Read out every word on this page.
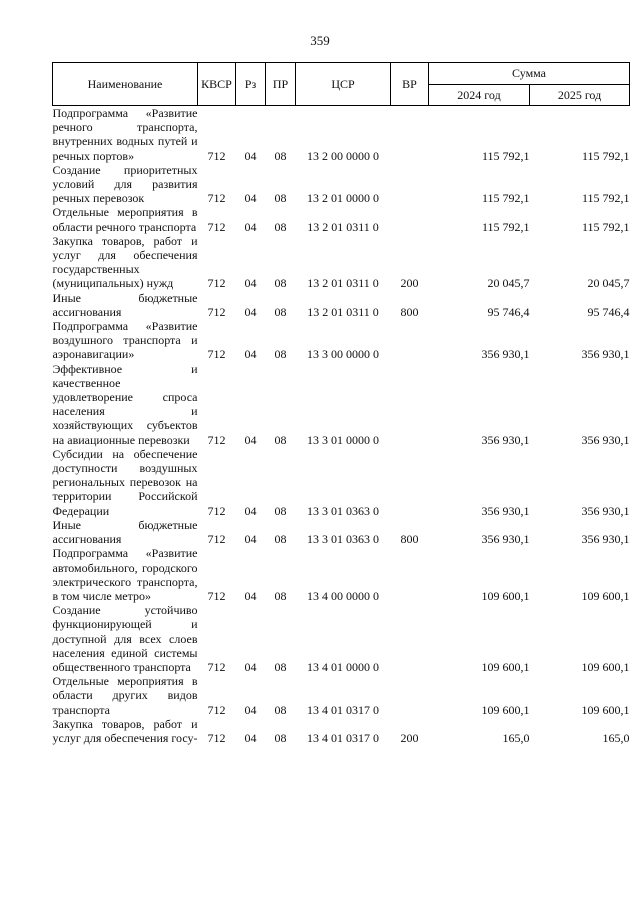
359
Наименование	КВСР	Рз	ПР	ЦСР	ВР	Сумма	
						2024 год	2025 год
Подпрограмма «Развитие речного транспорта, внутренних водных путей и речных портов»	712	04	08	13 2 00 0000 0		115 792,1	115 792,1
Создание приоритетных условий для развития речных перевозок	712	04	08	13 2 01 0000 0		115 792,1	115 792,1
Отдельные мероприятия в области речного транспорта	712	04	08	13 2 01 0311 0		115 792,1	115 792,1
Закупка товаров, работ и услуг для обеспечения государственных (муниципальных) нужд	712	04	08	13 2 01 0311 0	200	20 045,7	20 045,7
Иные бюджетные ассигнования	712	04	08	13 2 01 0311 0	800	95 746,4	95 746,4
Подпрограмма «Развитие воздушного транспорта и аэронавигации»	712	04	08	13 3 00 0000 0		356 930,1	356 930,1
Эффективное и качественное удовлетворение спроса населения и хозяйствующих субъектов на авиационные перевозки	712	04	08	13 3 01 0000 0		356 930,1	356 930,1
Субсидии на обеспечение доступности воздушных региональных перевозок на территории Российской Федерации	712	04	08	13 3 01 0363 0		356 930,1	356 930,1
Иные бюджетные ассигнования	712	04	08	13 3 01 0363 0	800	356 930,1	356 930,1
Подпрограмма «Развитие автомобильного, городского электрического транспорта, в том числе метро»	712	04	08	13 4 00 0000 0		109 600,1	109 600,1
Создание устойчиво функционирующей и доступной для всех слоев населения единой системы общественного транспорта	712	04	08	13 4 01 0000 0		109 600,1	109 600,1
Отдельные мероприятия в области других видов транспорта	712	04	08	13 4 01 0317 0		109 600,1	109 600,1
Закупка товаров, работ и услуг для обеспечения госу-	712	04	08	13 4 01 0317 0	200	165,0	165,0
